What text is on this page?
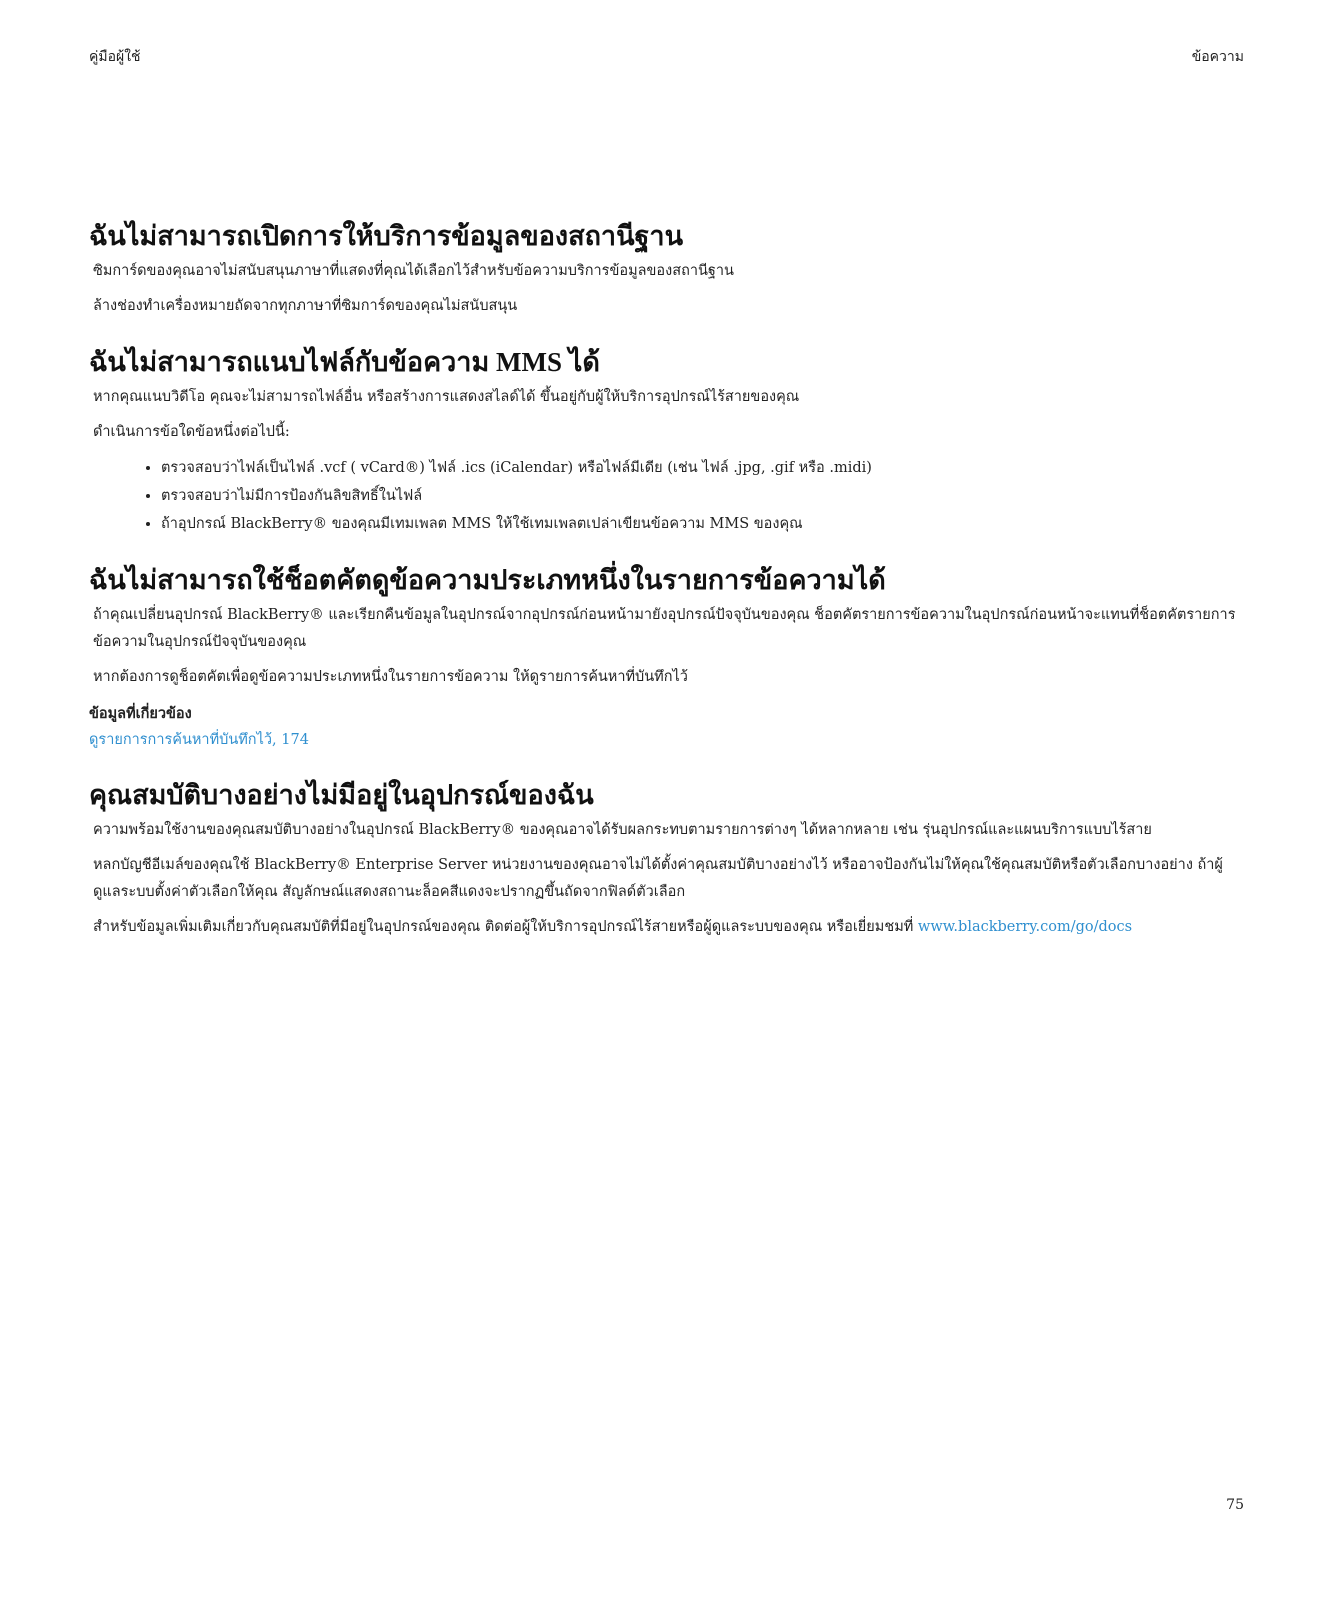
คู่มือผู้ใช้	ข้อความ
ฉันไม่สามารถเปิดการให้บริการข้อมูลของสถานีฐาน

ซิมการ์ดของคุณอาจไม่สนับสนุนภาษาที่แสดงที่คุณได้เลือกไว้สำหรับข้อความบริการข้อมูลของสถานีฐาน

ล้างช่องทำเครื่องหมายถัดจากทุกภาษาที่ซิมการ์ดของคุณไม่สนับสนุน

ฉันไม่สามารถแนบไฟล์กับข้อความ MMS ได้

หากคุณแนบวิดีโอ คุณจะไม่สามารถไฟล์อื่น หรือสร้างการแสดงสไลด์ได้ ขึ้นอยู่กับผู้ให้บริการอุปกรณ์ไร้สายของคุณ

ดำเนินการข้อใดข้อหนึ่งต่อไปนี้:

• ตรวจสอบว่าไฟล์เป็นไฟล์ .vcf ( vCard®) ไฟล์ .ics (iCalendar) หรือไฟล์มีเดีย (เช่น ไฟล์ .jpg, .gif หรือ .midi)
• ตรวจสอบว่าไม่มีการป้องกันลิขสิทธิ์ในไฟล์
• ถ้าอุปกรณ์ BlackBerry® ของคุณมีเทมเพลต MMS ให้ใช้เทมเพลตเปล่าเขียนข้อความ MMS ของคุณ
ฉันไม่สามารถใช้ช็อตคัตดูข้อความประเภทหนึ่งในรายการข้อความได้

ถ้าคุณเปลี่ยนอุปกรณ์ BlackBerry® และเรียกคืนข้อมูลในอุปกรณ์จากอุปกรณ์ก่อนหน้ามายังอุปกรณ์ปัจจุบันของคุณ ช็อตคัตรายการข้อความในอุปกรณ์ก่อนหน้าจะแทนที่ช็อตคัตรายการข้อความในอุปกรณ์ปัจจุบันของคุณ

หากต้องการดูช็อตคัตเพื่อดูข้อความประเภทหนึ่งในรายการข้อความ ให้ดูรายการค้นหาที่บันทึกไว้

ข้อมูลที่เกี่ยวข้อง
ดูรายการการค้นหาที่บันทึกไว้, 174
คุณสมบัติบางอย่างไม่มีอยู่ในอุปกรณ์ของฉัน

ความพร้อมใช้งานของคุณสมบัติบางอย่างในอุปกรณ์ BlackBerry® ของคุณอาจได้รับผลกระทบตามรายการต่างๆ ได้หลากหลาย เช่น รุ่นอุปกรณ์และแผนบริการแบบไร้สาย

หลกบัญชีอีเมล์ของคุณใช้ BlackBerry® Enterprise Server หน่วยงานของคุณอาจไม่ได้ตั้งค่าคุณสมบัติบางอย่างไว้ หรืออาจป้องกันไม่ให้คุณใช้คุณสมบัติหรือตัวเลือกบางอย่าง ถ้าผู้ดูแลระบบตั้งค่าตัวเลือกให้คุณ สัญลักษณ์แสดงสถานะล็อคสีแดงจะปรากฏขึ้นถัดจากฟิลด์ตัวเลือก

สำหรับข้อมูลเพิ่มเติมเกี่ยวกับคุณสมบัติที่มีอยู่ในอุปกรณ์ของคุณ ติดต่อผู้ให้บริการอุปกรณ์ไร้สายหรือผู้ดูแลระบบของคุณ หรือเยี่ยมชมที่ www.blackberry.com/go/docs

75
